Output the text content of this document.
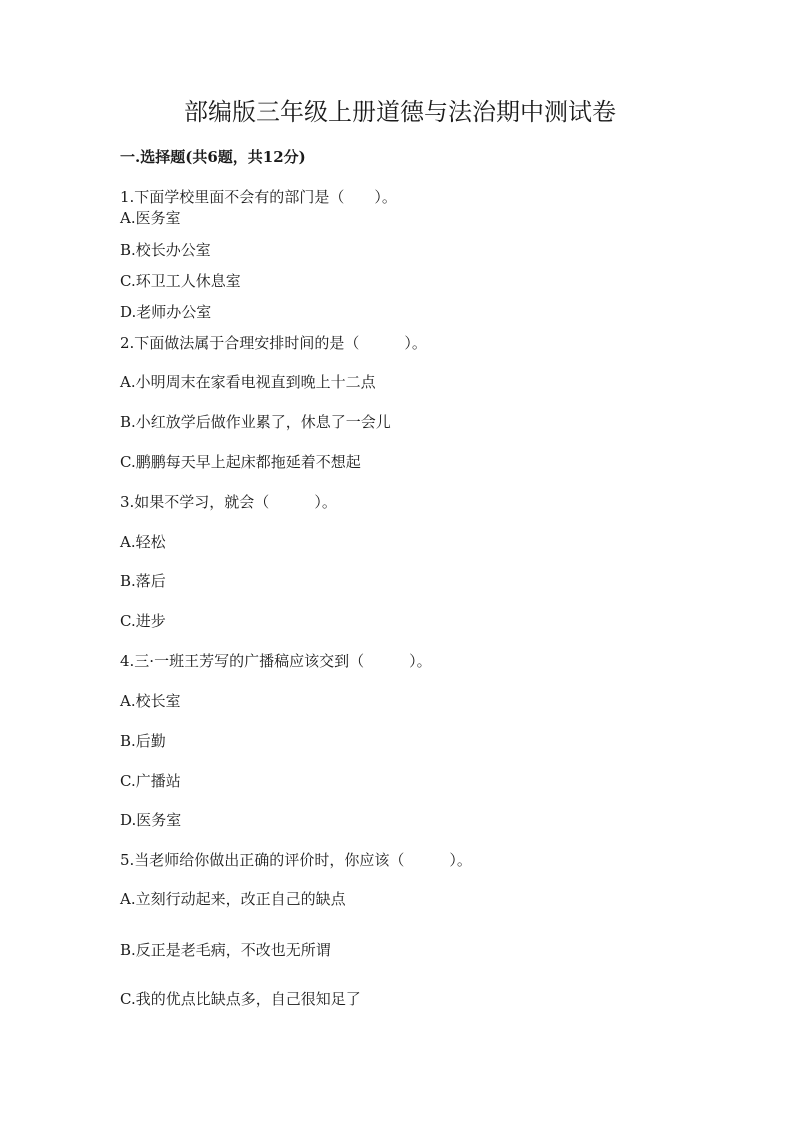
部编版三年级上册道德与法治期中测试卷
一.选择题(共6题，共12分)
1.下面学校里面不会有的部门是（　　）。
A.医务室
B.校长办公室
C.环卫工人休息室
D.老师办公室
2.下面做法属于合理安排时间的是（　　　）。
A.小明周末在家看电视直到晚上十二点
B.小红放学后做作业累了，休息了一会儿
C.鹏鹏每天早上起床都拖延着不想起
3.如果不学习，就会（　　　）。
A.轻松
B.落后
C.进步
4.三·一班王芳写的广播稿应该交到（　　　）。
A.校长室
B.后勤
C.广播站
D.医务室
5.当老师给你做出正确的评价时，你应该（　　　）。
A.立刻行动起来，改正自己的缺点
B.反正是老毛病，不改也无所谓
C.我的优点比缺点多，自己很知足了
